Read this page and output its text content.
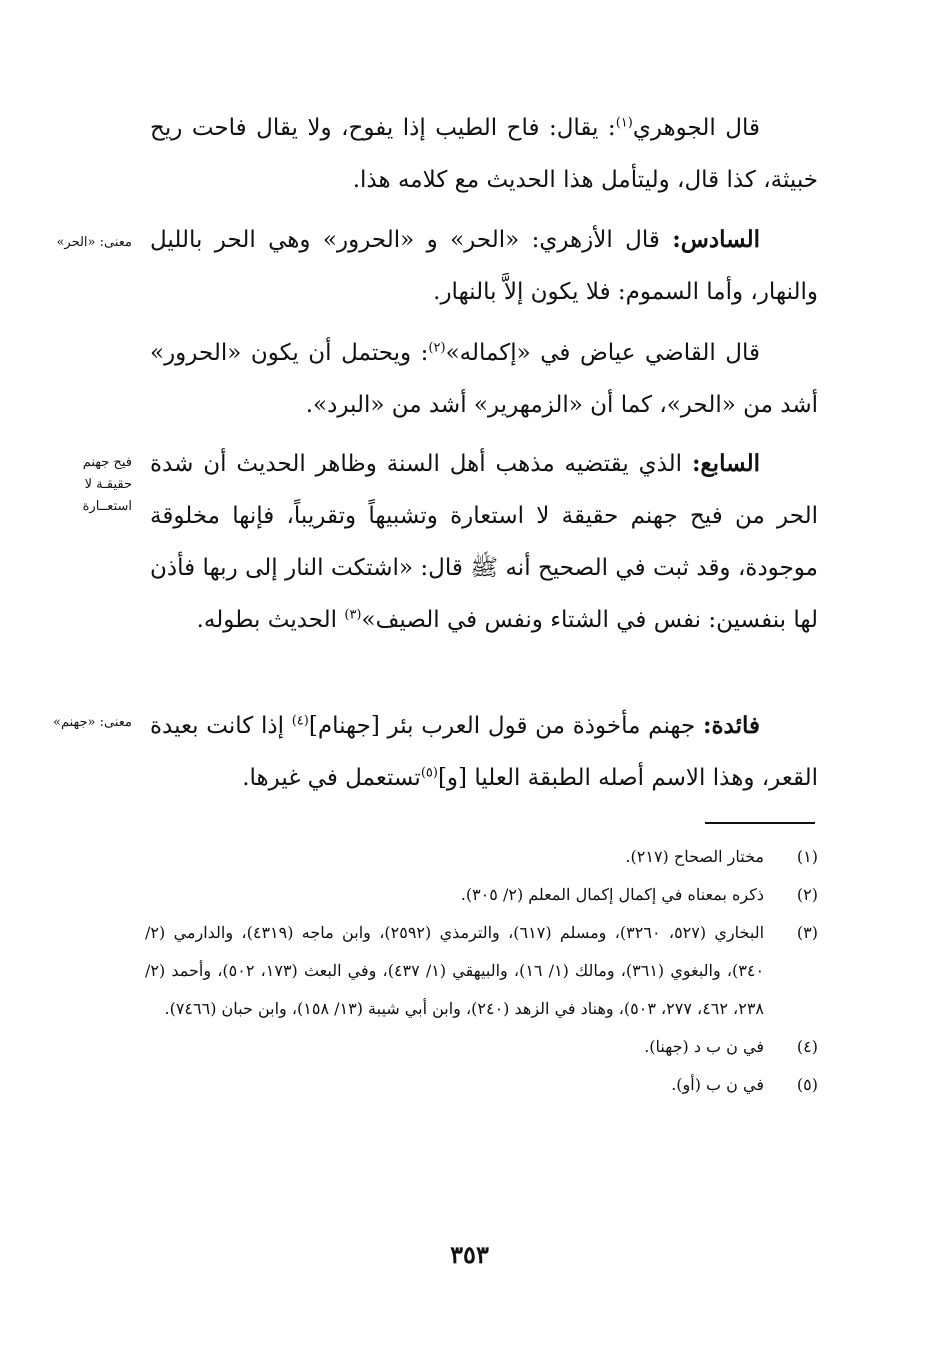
قال الجوهري$^{(١)}$: يقال: فاح الطيب إذا يفوح، ولا يقال فاحت ريح خبيثة، كذا قال، وليتأمل هذا الحديث مع كلامه هذا.

السادس: قال الأزهري: «الحر» و «الحرور» وهي الحر بالليل والنهار، وأما السموم: فلا يكون إلاَّ بالنهار.

قال القاضي عياض في «إكماله»$^{(٢)}$: ويحتمل أن يكون «الحرور» أشد من «الحر»، كما أن «الزمهرير» أشد من «البرد».

السابع: الذي يقتضيه مذهب أهل السنة وظاهر الحديث أن شدة الحر من فيح جهنم حقيقة لا استعارة وتشبيهاً وتقريباً، فإنها مخلوقة موجودة، وقد ثبت في الصحيح أنه ﷺ قال: «اشتكت النار إلى ربها فأذن لها بنفسين: نفس في الشتاء ونفس في الصيف»$^{(٣)}$ الحديث بطوله.

فائدة: جهنم مأخوذة من قول العرب بئر [جهنام]$^{(٤)}$ إذا كانت بعيدة القعر، وهذا الاسم أصله الطبقة العليا [و]$^{(٥)}$تستعمل في غيرها.

معنى: «الحر»
فيح جهنم حقيقـة لا استعــارة
معنى: «جهنم»
(١)
مختار الصحاح (٢١٧).
(٢)
ذكره بمعناه في إكمال إكمال المعلم (٢/ ٣٠٥).
(٣)
البخاري (٥٢٧، ٣٢٦٠)، ومسلم (٦١٧)، والترمذي (٢٥٩٢)، وابن ماجه (٤٣١٩)، والدارمي (٢/ ٣٤٠)، والبغوي (٣٦١)، ومالك (١/ ١٦)، والبيهقي (١/ ٤٣٧)، وفي البعث (١٧٣، ٥٠٢)، وأحمد (٢/ ٢٣٨، ٤٦٢، ٢٧٧، ٥٠٣)، وهناد في الزهد (٢٤٠)، وابن أبي شيبة (١٣/ ١٥٨)، وابن حبان (٧٤٦٦).
(٤)
في ن ب د (جهنا).
(٥)
في ن ب (أو).
٣٥٣
